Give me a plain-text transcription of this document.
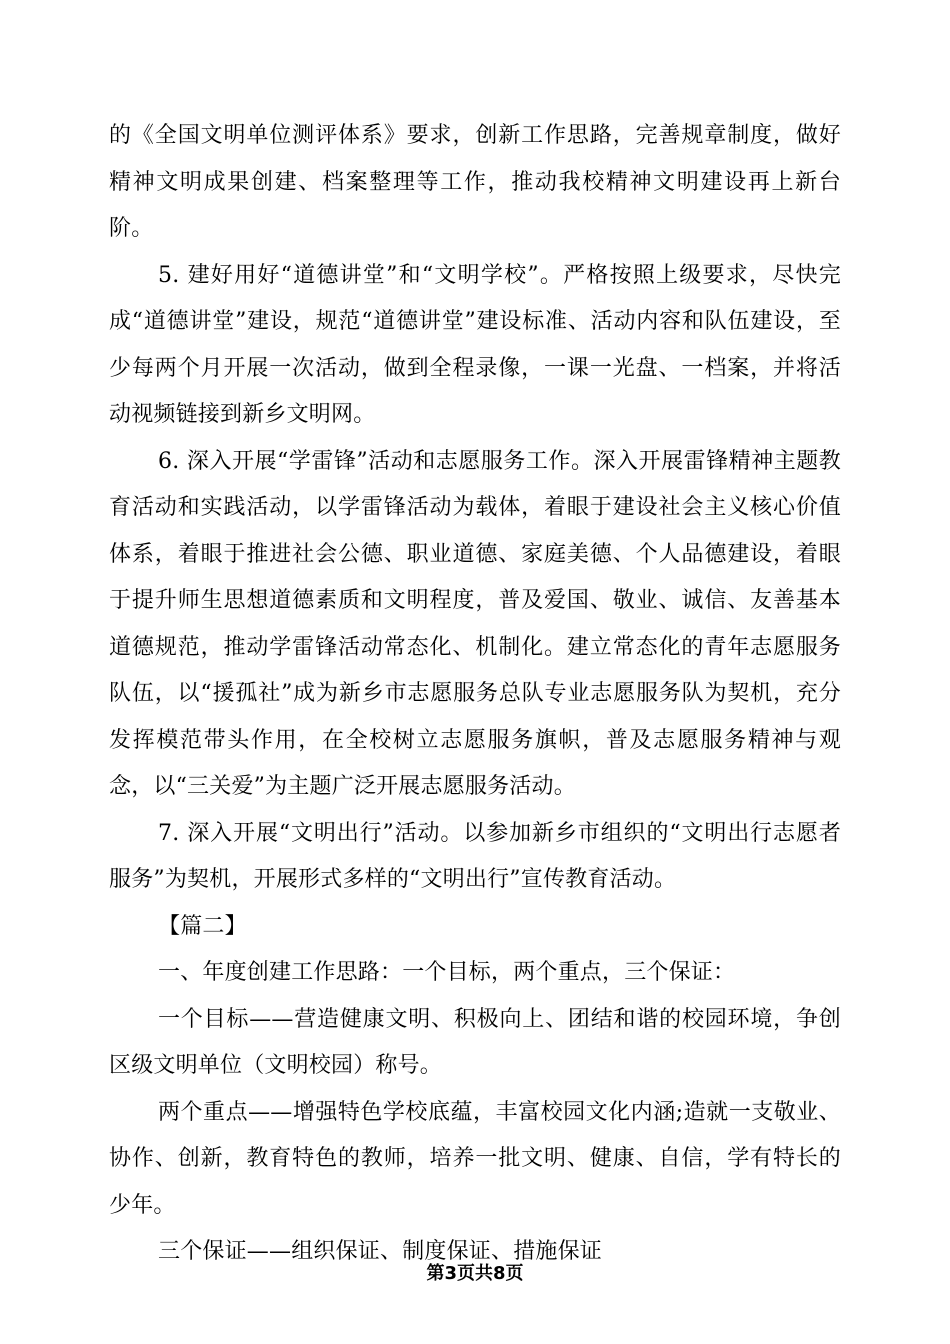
的《全国文明单位测评体系》要求，创新工作思路，完善规章制度，做好精神文明成果创建、档案整理等工作，推动我校精神文明建设再上新台阶。

5. 建好用好“道德讲堂”和“文明学校”。严格按照上级要求，尽快完成“道德讲堂”建设，规范“道德讲堂”建设标准、活动内容和队伍建设，至少每两个月开展一次活动，做到全程录像，一课一光盘、一档案，并将活动视频链接到新乡文明网。

6. 深入开展“学雷锋”活动和志愿服务工作。深入开展雷锋精神主题教育活动和实践活动，以学雷锋活动为载体，着眼于建设社会主义核心价值体系，着眼于推进社会公德、职业道德、家庭美德、个人品德建设，着眼于提升师生思想道德素质和文明程度，普及爱国、敬业、诚信、友善基本道德规范，推动学雷锋活动常态化、机制化。建立常态化的青年志愿服务队伍，以“援孤社”成为新乡市志愿服务总队专业志愿服务队为契机，充分发挥模范带头作用，在全校树立志愿服务旗帜，普及志愿服务精神与观念，以“三关爱”为主题广泛开展志愿服务活动。

7. 深入开展“文明出行”活动。以参加新乡市组织的“文明出行志愿者服务”为契机，开展形式多样的“文明出行”宣传教育活动。

【篇二】

一、年度创建工作思路：一个目标，两个重点，三个保证：

一个目标——营造健康文明、积极向上、团结和谐的校园环境，争创区级文明单位（文明校园）称号。

两个重点——增强特色学校底蕴，丰富校园文化内涵;造就一支敬业、协作、创新，教育特色的教师，培养一批文明、健康、自信，学有特长的少年。

三个保证——组织保证、制度保证、措施保证

第3页共8页
